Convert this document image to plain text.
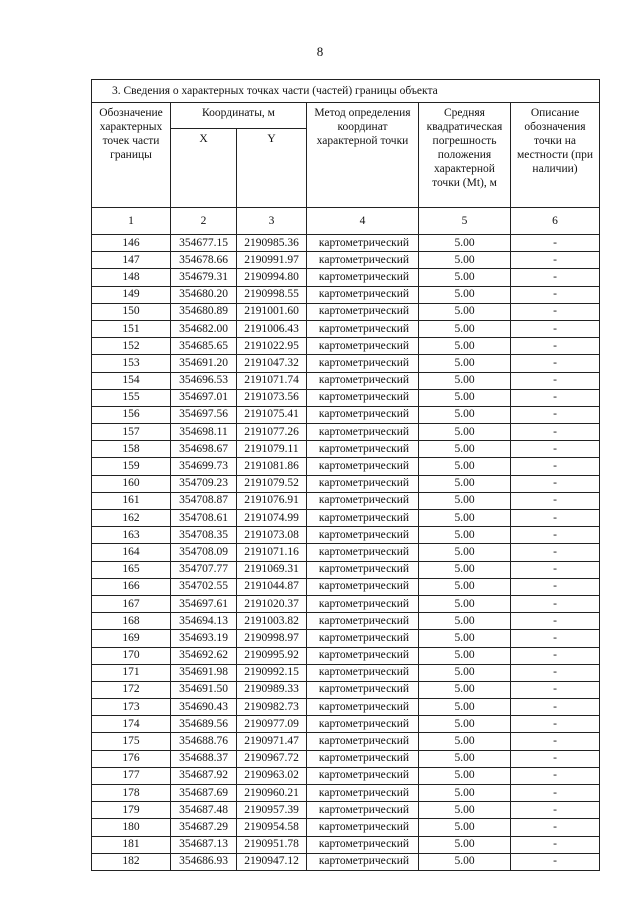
8
3. Сведения о характерных точках части (частей) границы объекта					
Обозначение характерных точек части границы	Координаты, м		Метод определения координат характерной точки	Средняя квадратическая погрешность положения характерной точки (Mt), м	Описание обозначения точки на местности (при наличии)
	X	Y			
1	2	3	4	5	6
146	354677.15	2190985.36	картометрический	5.00	-
147	354678.66	2190991.97	картометрический	5.00	-
148	354679.31	2190994.80	картометрический	5.00	-
149	354680.20	2190998.55	картометрический	5.00	-
150	354680.89	2191001.60	картометрический	5.00	-
151	354682.00	2191006.43	картометрический	5.00	-
152	354685.65	2191022.95	картометрический	5.00	-
153	354691.20	2191047.32	картометрический	5.00	-
154	354696.53	2191071.74	картометрический	5.00	-
155	354697.01	2191073.56	картометрический	5.00	-
156	354697.56	2191075.41	картометрический	5.00	-
157	354698.11	2191077.26	картометрический	5.00	-
158	354698.67	2191079.11	картометрический	5.00	-
159	354699.73	2191081.86	картометрический	5.00	-
160	354709.23	2191079.52	картометрический	5.00	-
161	354708.87	2191076.91	картометрический	5.00	-
162	354708.61	2191074.99	картометрический	5.00	-
163	354708.35	2191073.08	картометрический	5.00	-
164	354708.09	2191071.16	картометрический	5.00	-
165	354707.77	2191069.31	картометрический	5.00	-
166	354702.55	2191044.87	картометрический	5.00	-
167	354697.61	2191020.37	картометрический	5.00	-
168	354694.13	2191003.82	картометрический	5.00	-
169	354693.19	2190998.97	картометрический	5.00	-
170	354692.62	2190995.92	картометрический	5.00	-
171	354691.98	2190992.15	картометрический	5.00	-
172	354691.50	2190989.33	картометрический	5.00	-
173	354690.43	2190982.73	картометрический	5.00	-
174	354689.56	2190977.09	картометрический	5.00	-
175	354688.76	2190971.47	картометрический	5.00	-
176	354688.37	2190967.72	картометрический	5.00	-
177	354687.92	2190963.02	картометрический	5.00	-
178	354687.69	2190960.21	картометрический	5.00	-
179	354687.48	2190957.39	картометрический	5.00	-
180	354687.29	2190954.58	картометрический	5.00	-
181	354687.13	2190951.78	картометрический	5.00	-
182	354686.93	2190947.12	картометрический	5.00	-
